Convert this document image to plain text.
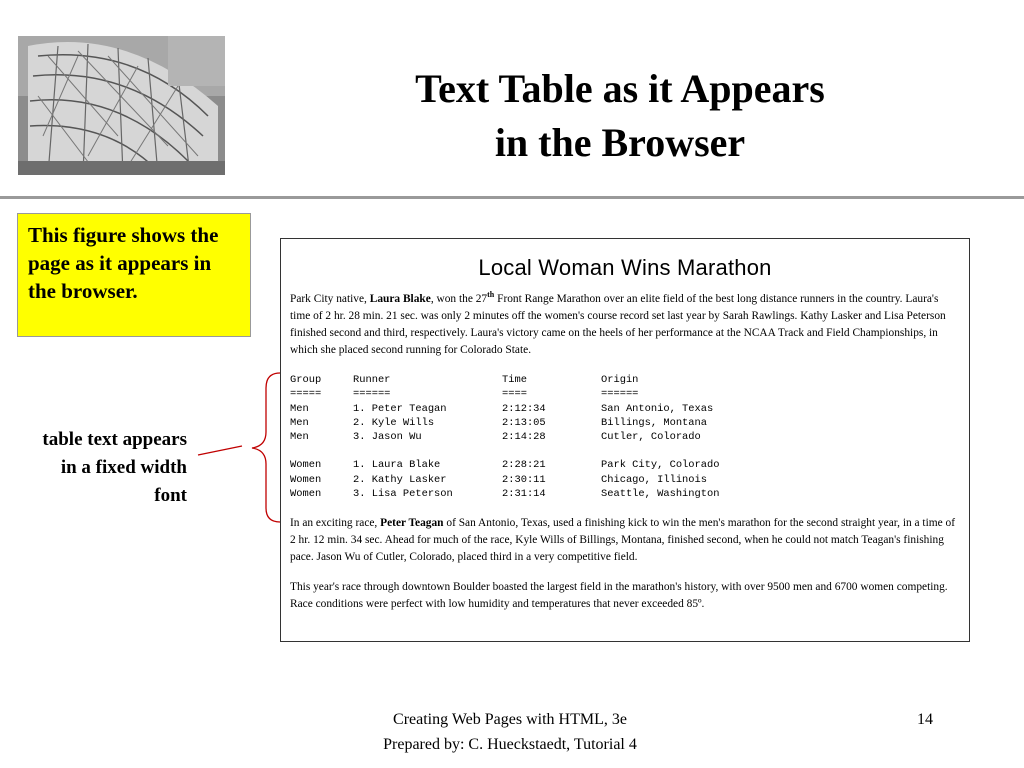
Text Table as it Appears
in the Browser
This figure shows the page as it appears in the browser.
table text appears in a fixed width font
Local Woman Wins Marathon

Park City native, Laura Blake, won the 27th Front Range Marathon over an elite field of the best long distance runners in the country. Laura's time of 2 hr. 28 min. 21 sec. was only 2 minutes off the women's course record set last year by Sarah Rawlings. Kathy Lasker and Lisa Peterson finished second and third, respectively. Laura's victory came on the heels of her performance at the NCAA Track and Field Championships, in which she placed second running for Colorado State.

Group	Runner	Time	Origin
=====	======	====	======
Men	1. Peter Teagan	2:12:34	San Antonio, Texas
Men	2. Kyle Wills	2:13:05	Billings, Montana
Men	3. Jason Wu	2:14:28	Cutler, Colorado
Women	1. Laura Blake	2:28:21	Park City, Colorado
Women	2. Kathy Lasker	2:30:11	Chicago, Illinois
Women	3. Lisa Peterson	2:31:14	Seattle, Washington

In an exciting race, Peter Teagan of San Antonio, Texas, used a finishing kick to win the men's marathon for the second straight year, in a time of 2 hr. 12 min. 34 sec. Ahead for much of the race, Kyle Wills of Billings, Montana, finished second, when he could not match Teagan's finishing pace. Jason Wu of Cutler, Colorado, placed third in a very competitive field.

This year's race through downtown Boulder boasted the largest field in the marathon's history, with over 9500 men and 6700 women competing. Race conditions were perfect with low humidity and temperatures that never exceeded 85º.

Creating Web Pages with HTML, 3e
Prepared by: C. Hueckstaedt, Tutorial 4
14
